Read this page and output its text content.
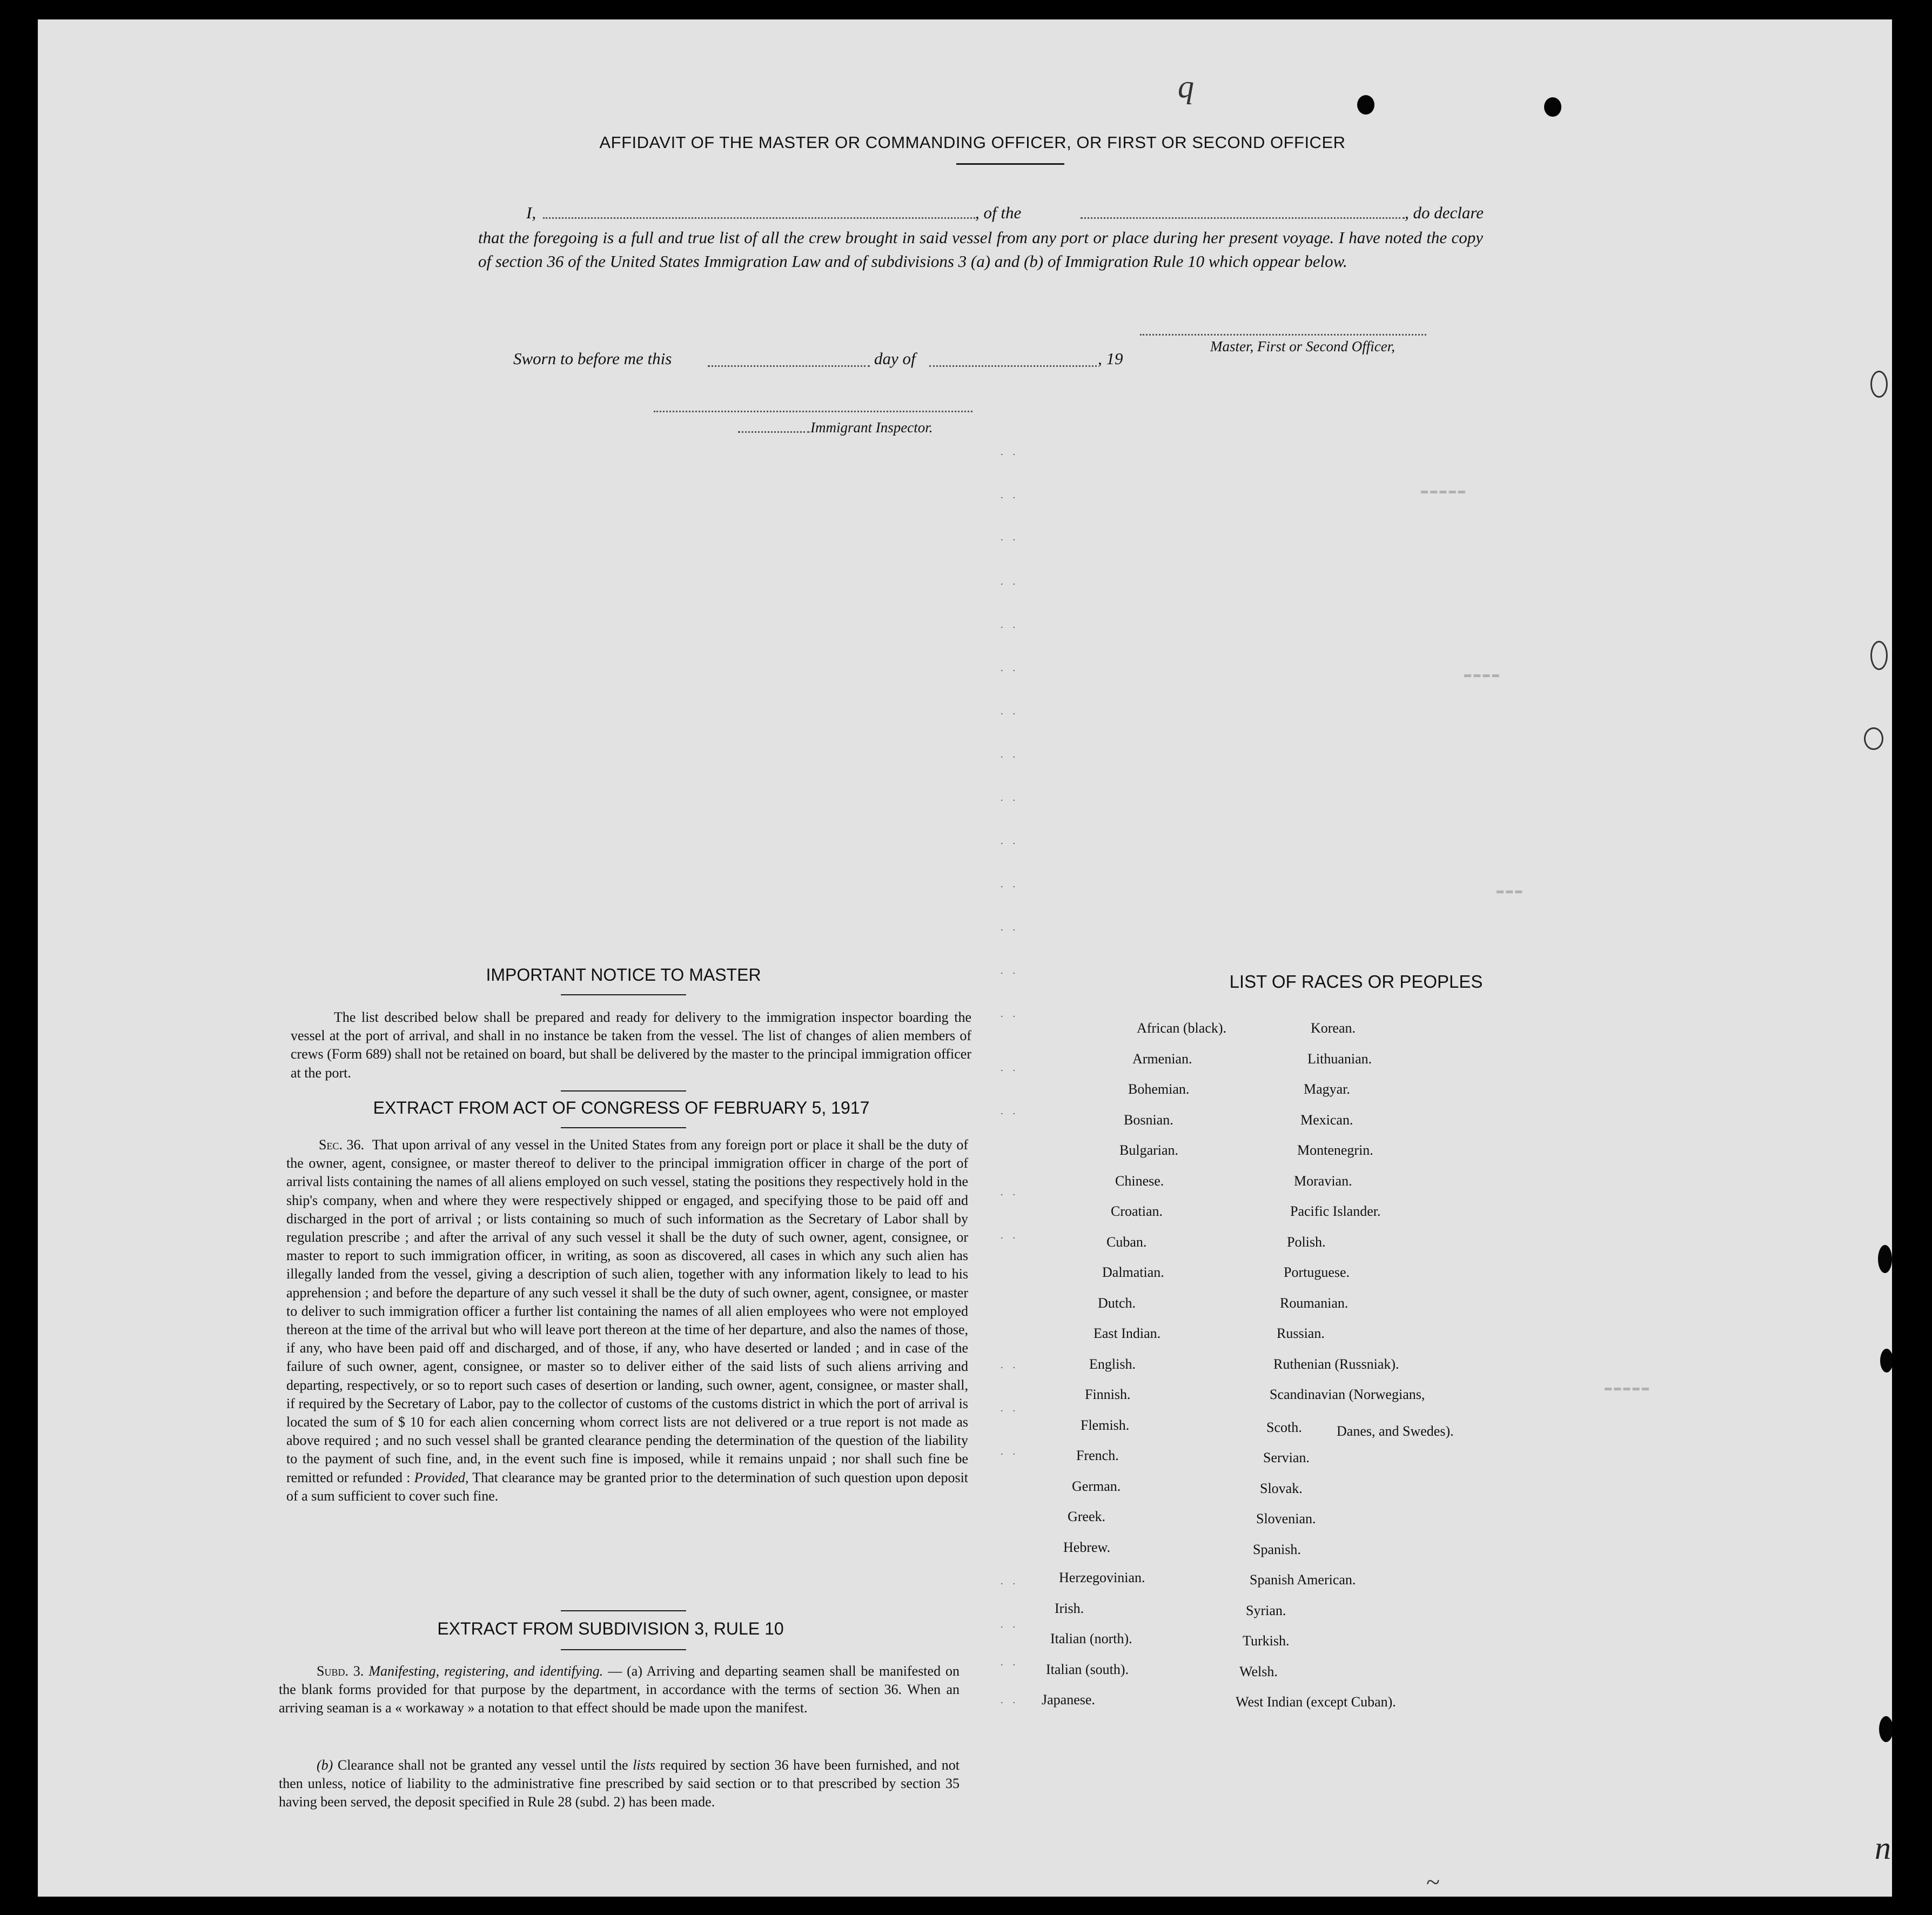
▬▬▬▬▬
▬▬▬▬
▬▬▬
▬▬▬▬▬
..
..
..
..
..
..
..
..
..
..
..
..
..
..
..
..
..
..
..
..
..
..
..
..
..
AFFIDAVIT OF THE MASTER OR COMMANDING OFFICER, OR FIRST OR SECOND OFFICER
I,	, of the	, do declare
that the foregoing is a full and true list of all the crew brought in said vessel from any port or place during her present voyage. I have noted the copy of section 36 of the United States Immigration Law and of subdivisions 3 (a) and (b) of Immigration Rule 10 which oppear below.
Master, First or Second Officer,
Sworn to before me this	day of	, 19
Immigrant Inspector.
IMPORTANT NOTICE TO MASTER
The list described below shall be prepared and ready for delivery to the immigration inspector boarding the vessel at the port of arrival, and shall in no instance be taken from the vessel. The list of changes of alien members of crews (Form 689) shall not be retained on board, but shall be delivered by the master to the principal immigration officer at the port.
EXTRACT FROM ACT OF CONGRESS OF FEBRUARY 5, 1917
Sec. 36. That upon arrival of any vessel in the United States from any foreign port or place it shall be the duty of the owner, agent, consignee, or master thereof to deliver to the principal immigration officer in charge of the port of arrival lists containing the names of all aliens employed on such vessel, stating the positions they respectively hold in the ship's company, when and where they were respectively shipped or engaged, and specifying those to be paid off and discharged in the port of arrival ; or lists containing so much of such information as the Secretary of Labor shall by regulation prescribe ; and after the arrival of any such vessel it shall be the duty of such owner, agent, consignee, or master to report to such immigration officer, in writing, as soon as discovered, all cases in which any such alien has illegally landed from the vessel, giving a description of such alien, together with any information likely to lead to his apprehension ; and before the departure of any such vessel it shall be the duty of such owner, agent, consignee, or master to deliver to such immigration officer a further list containing the names of all alien employees who were not employed thereon at the time of the arrival but who will leave port thereon at the time of her departure, and also the names of those, if any, who have been paid off and discharged, and of those, if any, who have deserted or landed ; and in case of the failure of such owner, agent, consignee, or master so to deliver either of the said lists of such aliens arriving and departing, respectively, or so to report such cases of desertion or landing, such owner, agent, consignee, or master shall, if required by the Secretary of Labor, pay to the collector of customs of the customs district in which the port of arrival is located the sum of $ 10 for each alien concerning whom correct lists are not delivered or a true report is not made as above required ; and no such vessel shall be granted clearance pending the determination of the question of the liability to the payment of such fine, and, in the event such fine is imposed, while it remains unpaid ; nor shall such fine be remitted or refunded : Provided, That clearance may be granted prior to the determination of such question upon deposit of a sum sufficient to cover such fine.
EXTRACT FROM SUBDIVISION 3, RULE 10
Subd. 3. Manifesting, registering, and identifying. — (a) Arriving and departing seamen shall be manifested on the blank forms provided for that purpose by the department, in accordance with the terms of section 36. When an arriving seaman is a « workaway » a notation to that effect should be made upon the manifest.
(b) Clearance shall not be granted any vessel until the lists required by section 36 have been furnished, and not then unless, notice of liability to the administrative fine prescribed by said section or to that prescribed by section 35 having been served, the deposit specified in Rule 28 (subd. 2) has been made.
LIST OF RACES OR PEOPLES
African (black).
Armenian.
Bohemian.
Bosnian.
Bulgarian.
Chinese.
Croatian.
Cuban.
Dalmatian.
Dutch.
East Indian.
English.
Finnish.
Flemish.
French.
German.
Greek.
Hebrew.
Herzegovinian.
Irish.
Italian (north).
Italian (south).
Japanese.
Korean.
Lithuanian.
Magyar.
Mexican.
Montenegrin.
Moravian.
Pacific Islander.
Polish.
Portuguese.
Roumanian.
Russian.
Ruthenian (Russniak).
Scandinavian (Norwegians,
Scoth.
Servian.
Slovak.
Slovenian.
Spanish.
Spanish American.
Syrian.
Turkish.
Welsh.
West Indian (except Cuban).
Danes, and Swedes).
q
n
~
